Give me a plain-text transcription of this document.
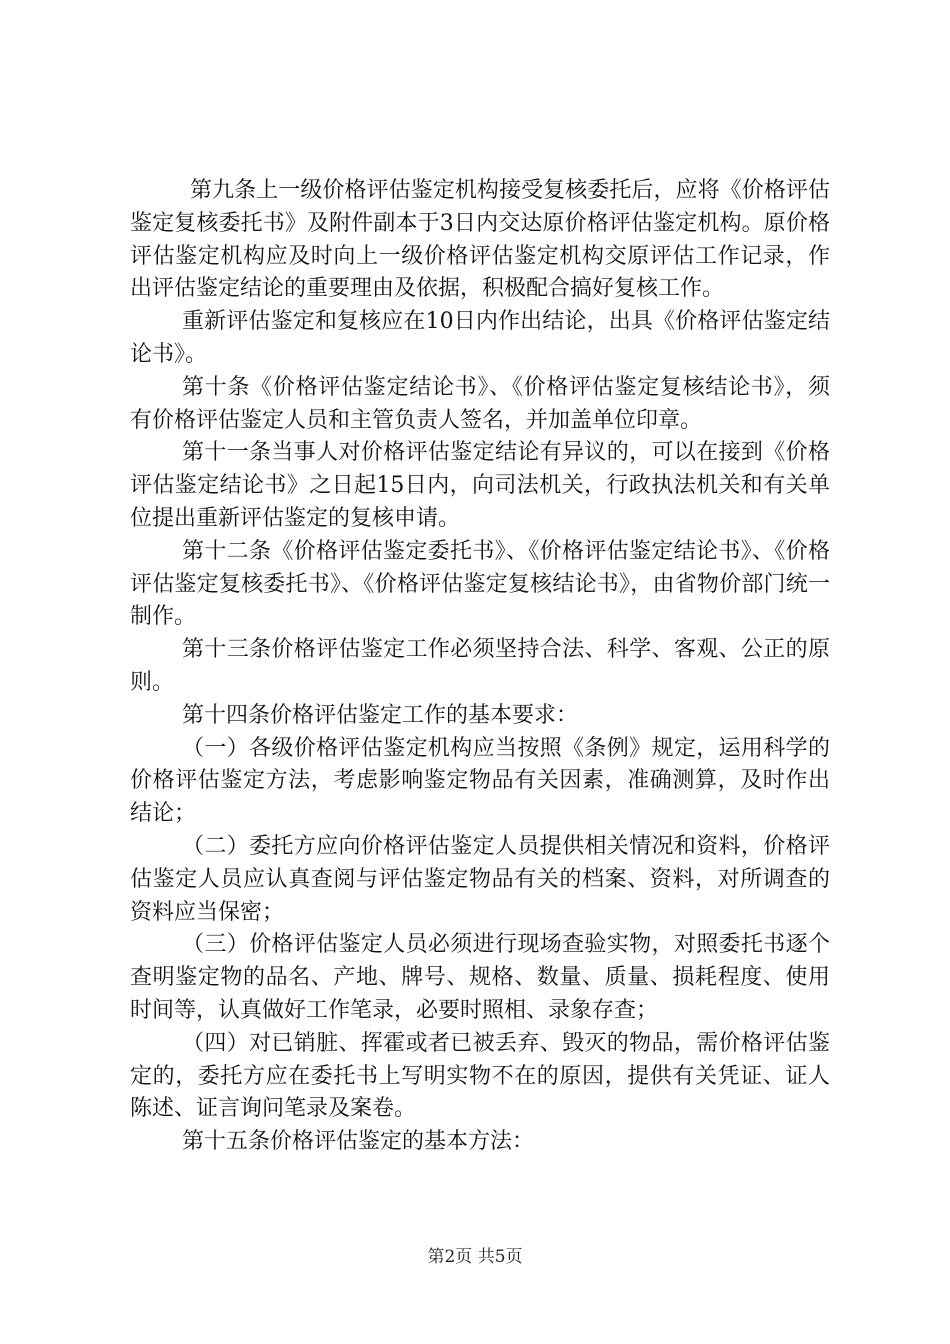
第九条上一级价格评估鉴定机构接受复核委托后，应将《价格评估鉴定复核委托书》及附件副本于3日内交达原价格评估鉴定机构。原价格评估鉴定机构应及时向上一级价格评估鉴定机构交原评估工作记录，作出评估鉴定结论的重要理由及依据，积极配合搞好复核工作。

重新评估鉴定和复核应在10日内作出结论，出具《价格评估鉴定结论书》。

第十条《价格评估鉴定结论书》、《价格评估鉴定复核结论书》，须有价格评估鉴定人员和主管负责人签名，并加盖单位印章。

第十一条当事人对价格评估鉴定结论有异议的，可以在接到《价格评估鉴定结论书》之日起15日内，向司法机关，行政执法机关和有关单位提出重新评估鉴定的复核申请。

第十二条《价格评估鉴定委托书》、《价格评估鉴定结论书》、《价格评估鉴定复核委托书》、《价格评估鉴定复核结论书》，由省物价部门统一制作。

第十三条价格评估鉴定工作必须坚持合法、科学、客观、公正的原则。

第十四条价格评估鉴定工作的基本要求：

（一）各级价格评估鉴定机构应当按照《条例》规定，运用科学的价格评估鉴定方法，考虑影响鉴定物品有关因素，准确测算，及时作出结论；

（二）委托方应向价格评估鉴定人员提供相关情况和资料，价格评估鉴定人员应认真查阅与评估鉴定物品有关的档案、资料，对所调查的资料应当保密；

（三）价格评估鉴定人员必须进行现场查验实物，对照委托书逐个查明鉴定物的品名、产地、牌号、规格、数量、质量、损耗程度、使用时间等，认真做好工作笔录，必要时照相、录象存查；

（四）对已销脏、挥霍或者已被丢弃、毁灭的物品，需价格评估鉴定的，委托方应在委托书上写明实物不在的原因，提供有关凭证、证人陈述、证言询问笔录及案卷。

第十五条价格评估鉴定的基本方法：

第2页 共5页
